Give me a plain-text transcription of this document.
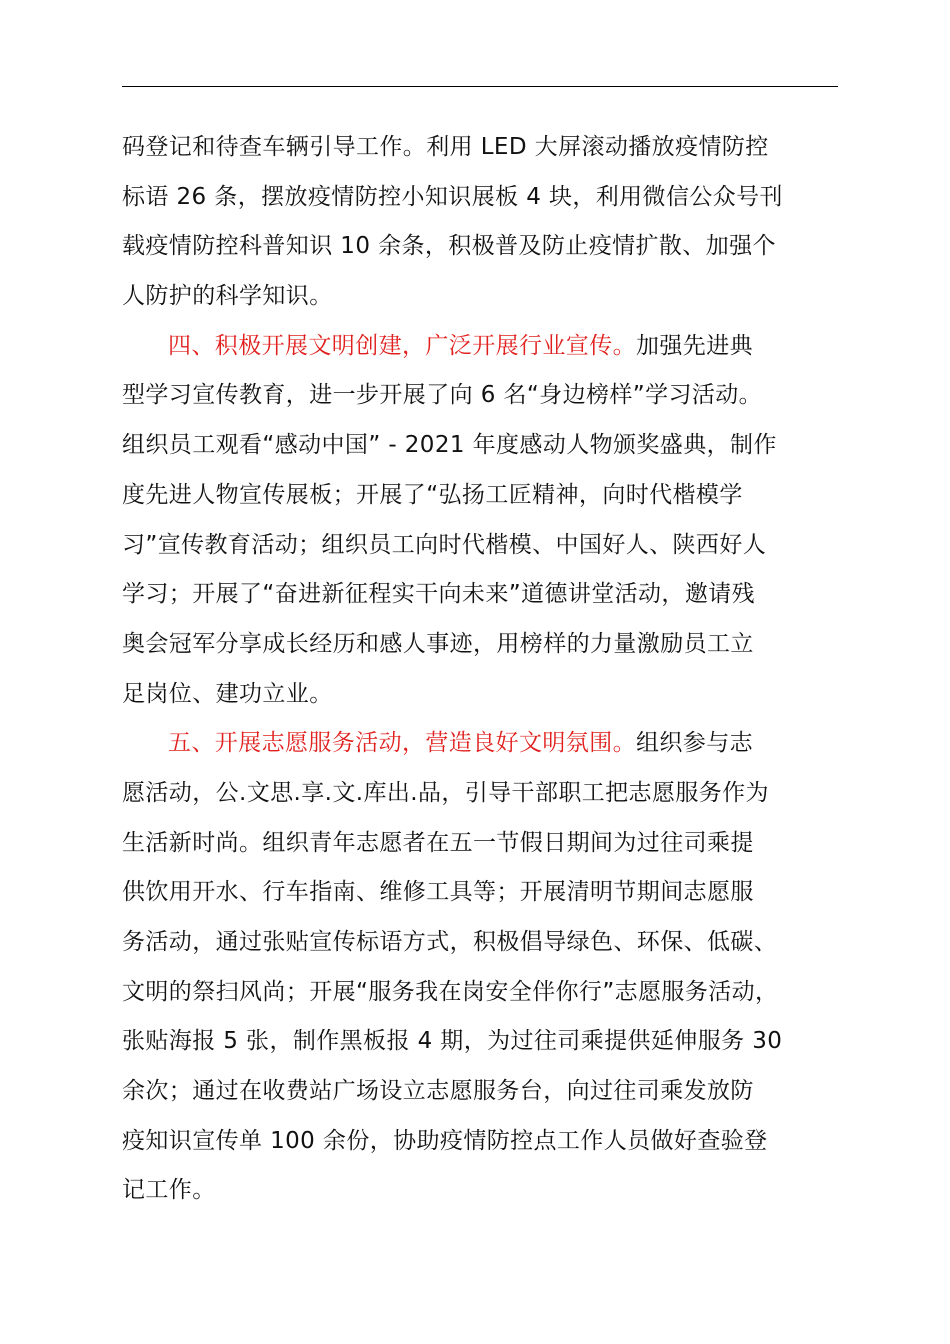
码登记和待查车辆引导工作。利用 LED 大屏滚动播放疫情防控
标语 26 条，摆放疫情防控小知识展板 4 块，利用微信公众号刊
载疫情防控科普知识 10 余条，积极普及防止疫情扩散、加强个
人防护的科学知识。
四、积极开展文明创建，广泛开展行业宣传。加强先进典
型学习宣传教育，进一步开展了向 6 名“身边榜样”学习活动。
组织员工观看“感动中国” - 2021 年度感动人物颁奖盛典，制作
度先进人物宣传展板；开展了“弘扬工匠精神，向时代楷模学
习”宣传教育活动；组织员工向时代楷模、中国好人、陕西好人
学习；开展了“奋进新征程实干向未来”道德讲堂活动，邀请残
奥会冠军分享成长经历和感人事迹，用榜样的力量激励员工立
足岗位、建功立业。
五、开展志愿服务活动，营造良好文明氛围。组织参与志
愿活动，公.文思.享.文.库出.品，引导干部职工把志愿服务作为
生活新时尚。组织青年志愿者在五一节假日期间为过往司乘提
供饮用开水、行车指南、维修工具等；开展清明节期间志愿服
务活动，通过张贴宣传标语方式，积极倡导绿色、环保、低碳、
文明的祭扫风尚；开展“服务我在岗安全伴你行”志愿服务活动，
张贴海报 5 张，制作黑板报 4 期，为过往司乘提供延伸服务 30
余次；通过在收费站广场设立志愿服务台，向过往司乘发放防
疫知识宣传单 100 余份，协助疫情防控点工作人员做好查验登
记工作。
